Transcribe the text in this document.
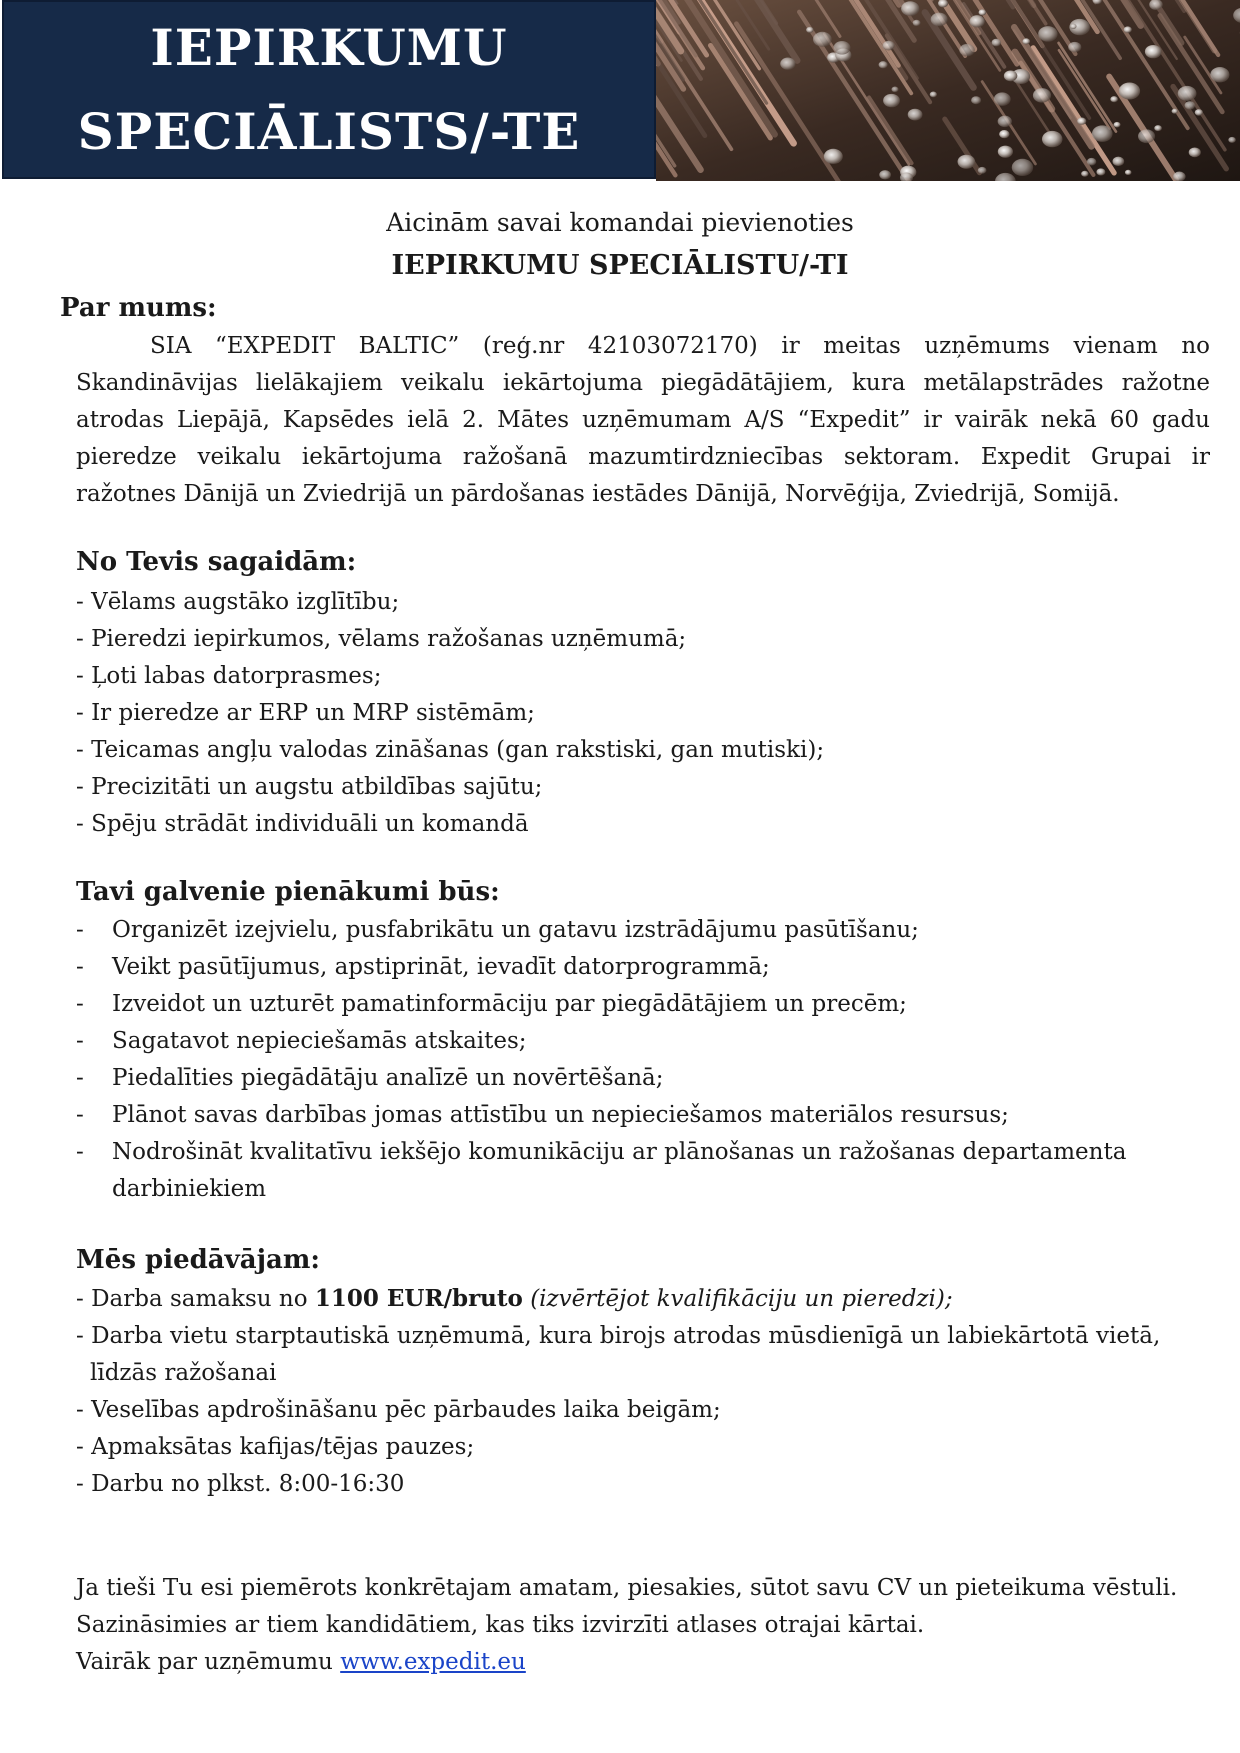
IEPIRKUMU
SPECIĀLISTS/-TE
Aicinām savai komandai pievienoties
IEPIRKUMU SPECIĀLISTU/-TI
Par mums:
SIA “EXPEDIT BALTIC” (reģ.nr 42103072170) ir meitas uzņēmums vienam no Skandināvijas lielākajiem veikalu iekārtojuma piegādātājiem, kura metālapstrādes ražotne atrodas Liepājā, Kapsēdes ielā 2. Mātes uzņēmumam A/S “Expedit” ir vairāk nekā 60 gadu pieredze veikalu iekārtojuma ražošanā mazumtirdzniecības sektoram. Expedit Grupai ir ražotnes Dānijā un Zviedrijā un pārdošanas iestādes Dānijā, Norvēģija, Zviedrijā, Somijā.
No Tevis sagaidām:
- Vēlams augstāko izglītību;
- Pieredzi iepirkumos, vēlams ražošanas uzņēmumā;
- Ļoti labas datorprasmes;
- Ir pieredze ar ERP un MRP sistēmām;
- Teicamas angļu valodas zināšanas (gan rakstiski, gan mutiski);
- Precizitāti un augstu atbildības sajūtu;
- Spēju strādāt individuāli un komandā
Tavi galvenie pienākumi būs:
- Organizēt izejvielu, pusfabrikātu un gatavu izstrādājumu pasūtīšanu;
- Veikt pasūtījumus, apstiprināt, ievadīt datorprogrammā;
- Izveidot un uzturēt pamatinformāciju par piegādātājiem un precēm;
- Sagatavot nepieciešamās atskaites;
- Piedalīties piegādātāju analīzē un novērtēšanā;
- Plānot savas darbības jomas attīstību un nepieciešamos materiālos resursus;
- Nodrošināt kvalitatīvu iekšējo komunikāciju ar plānošanas un ražošanas departamenta darbiniekiem
Mēs piedāvājam:
- Darba samaksu no 1100 EUR/bruto (izvērtējot kvalifikāciju un pieredzi);
- Darba vietu starptautiskā uzņēmumā, kura birojs atrodas mūsdienīgā un labiekārtotā vietā, līdzās ražošanai
- Veselības apdrošināšanu pēc pārbaudes laika beigām;
- Apmaksātas kafijas/tējas pauzes;
- Darbu no plkst. 8:00-16:30
Ja tieši Tu esi piemērots konkrētajam amatam, piesakies, sūtot savu CV un pieteikuma vēstuli.
Sazināsimies ar tiem kandidātiem, kas tiks izvirzīti atlases otrajai kārtai.
Vairāk par uzņēmumu www.expedit.eu
